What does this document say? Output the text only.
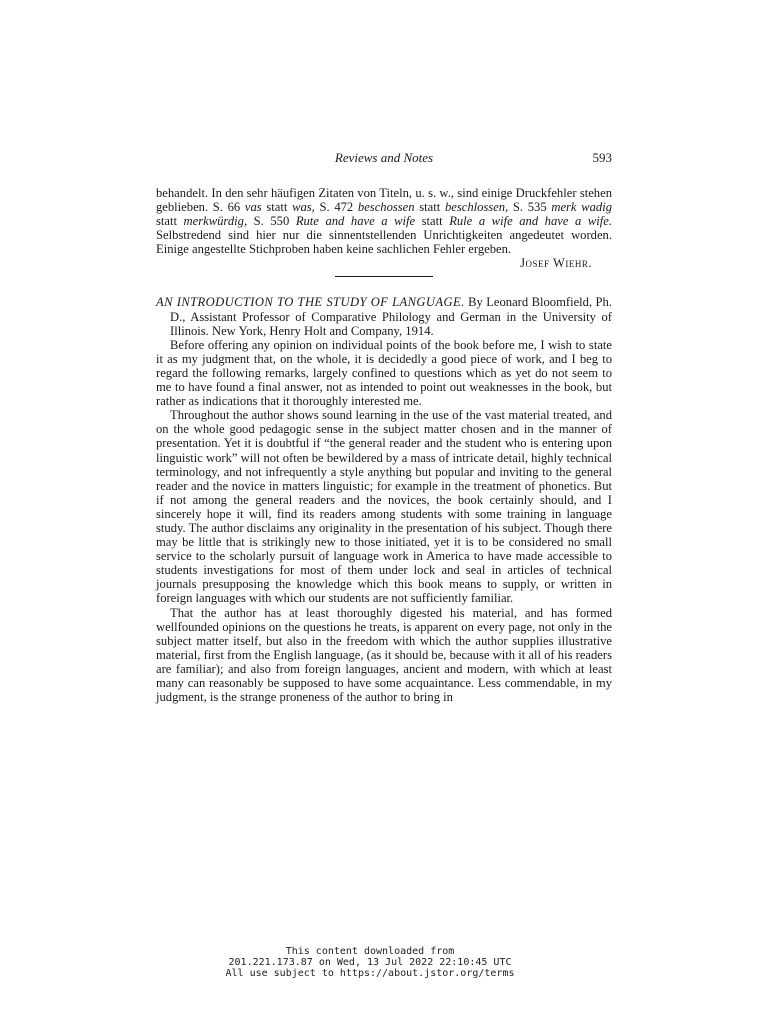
Reviews and Notes	593

behandelt. In den sehr häufigen Zitaten von Titeln, u. s. w., sind einige Druckfehler stehen geblieben. S. 66 vas statt was, S. 472 beschossen statt beschlossen, S. 535 merk wadig statt merkwürdig, S. 550 Rute and have a wife statt Rule a wife and have a wife. Selbstredend sind hier nur die sinnentstellenden Unrichtigkeiten angedeutet worden. Einige angestellte Stichproben haben keine sachlichen Fehler ergeben.

Josef Wiehr.

AN INTRODUCTION TO THE STUDY OF LANGUAGE. By Leonard Bloomfield, Ph. D., Assistant Professor of Comparative Philology and German in the University of Illinois. New York, Henry Holt and Company, 1914.

Before offering any opinion on individual points of the book before me, I wish to state it as my judgment that, on the whole, it is decidedly a good piece of work, and I beg to regard the following remarks, largely confined to questions which as yet do not seem to me to have found a final answer, not as intended to point out weaknesses in the book, but rather as indications that it thoroughly interested me.

Throughout the author shows sound learning in the use of the vast material treated, and on the whole good pedagogic sense in the subject matter chosen and in the manner of presentation. Yet it is doubtful if “the general reader and the student who is entering upon linguistic work” will not often be bewildered by a mass of intricate detail, highly technical terminology, and not infrequently a style anything but popular and inviting to the general reader and the novice in matters linguistic; for example in the treatment of phonetics. But if not among the general readers and the novices, the book certainly should, and I sincerely hope it will, find its readers among students with some training in language study. The author disclaims any originality in the presentation of his subject. Though there may be little that is strikingly new to those initiated, yet it is to be considered no small service to the scholarly pursuit of language work in America to have made accessible to students investigations for most of them under lock and seal in articles of technical journals presupposing the knowledge which this book means to supply, or written in foreign languages with which our students are not sufficiently familiar.

That the author has at least thoroughly digested his material, and has formed wellfounded opinions on the questions he treats, is apparent on every page, not only in the subject matter itself, but also in the freedom with which the author supplies illustrative material, first from the English language, (as it should be, because with it all of his readers are familiar); and also from foreign languages, ancient and modern, with which at least many can reasonably be supposed to have some acquaintance. Less commendable, in my judgment, is the strange proneness of the author to bring in

This content downloaded from
201.221.173.87 on Wed, 13 Jul 2022 22:10:45 UTC
All use subject to https://about.jstor.org/terms
